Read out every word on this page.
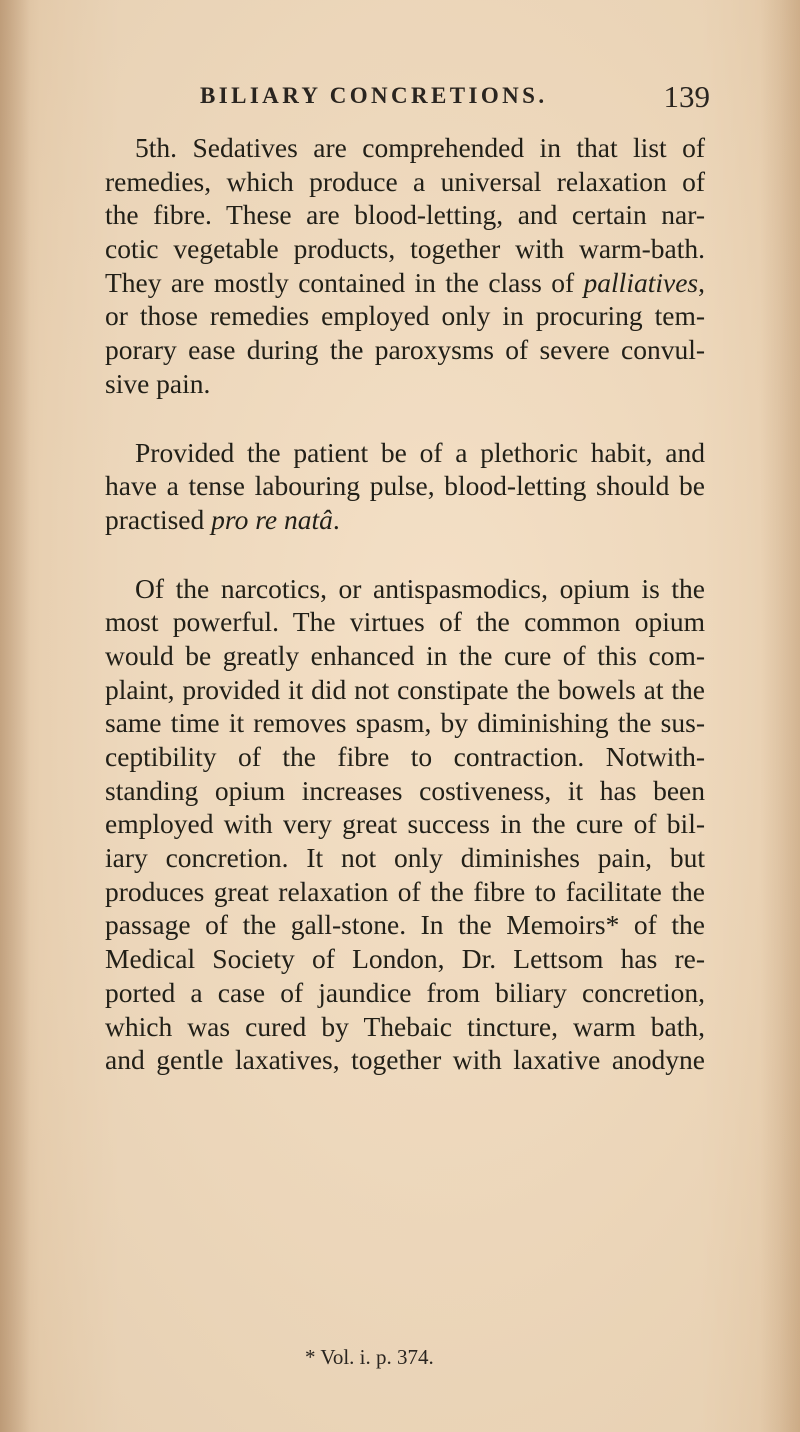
BILIARY CONCRETIONS.	139
5th. Sedatives are comprehended in that list of
remedies, which produce a universal relaxation of
the fibre. These are blood-letting, and certain nar-
cotic vegetable products, together with warm-bath.
They are mostly contained in the class of palliatives,
or those remedies employed only in procuring tem-
porary ease during the paroxysms of severe convul-
sive pain.
Provided the patient be of a plethoric habit, and
have a tense labouring pulse, blood-letting should be
practised pro re natâ.
Of the narcotics, or antispasmodics, opium is the
most powerful. The virtues of the common opium
would be greatly enhanced in the cure of this com-
plaint, provided it did not constipate the bowels at the
same time it removes spasm, by diminishing the sus-
ceptibility of the fibre to contraction. Notwith-
standing opium increases costiveness, it has been
employed with very great success in the cure of bil-
iary concretion. It not only diminishes pain, but
produces great relaxation of the fibre to facilitate the
passage of the gall-stone. In the Memoirs* of the
Medical Society of London, Dr. Lettsom has re-
ported a case of jaundice from biliary concretion,
which was cured by Thebaic tincture, warm bath,
and gentle laxatives, together with laxative anodyne
* Vol. i. p. 374.
